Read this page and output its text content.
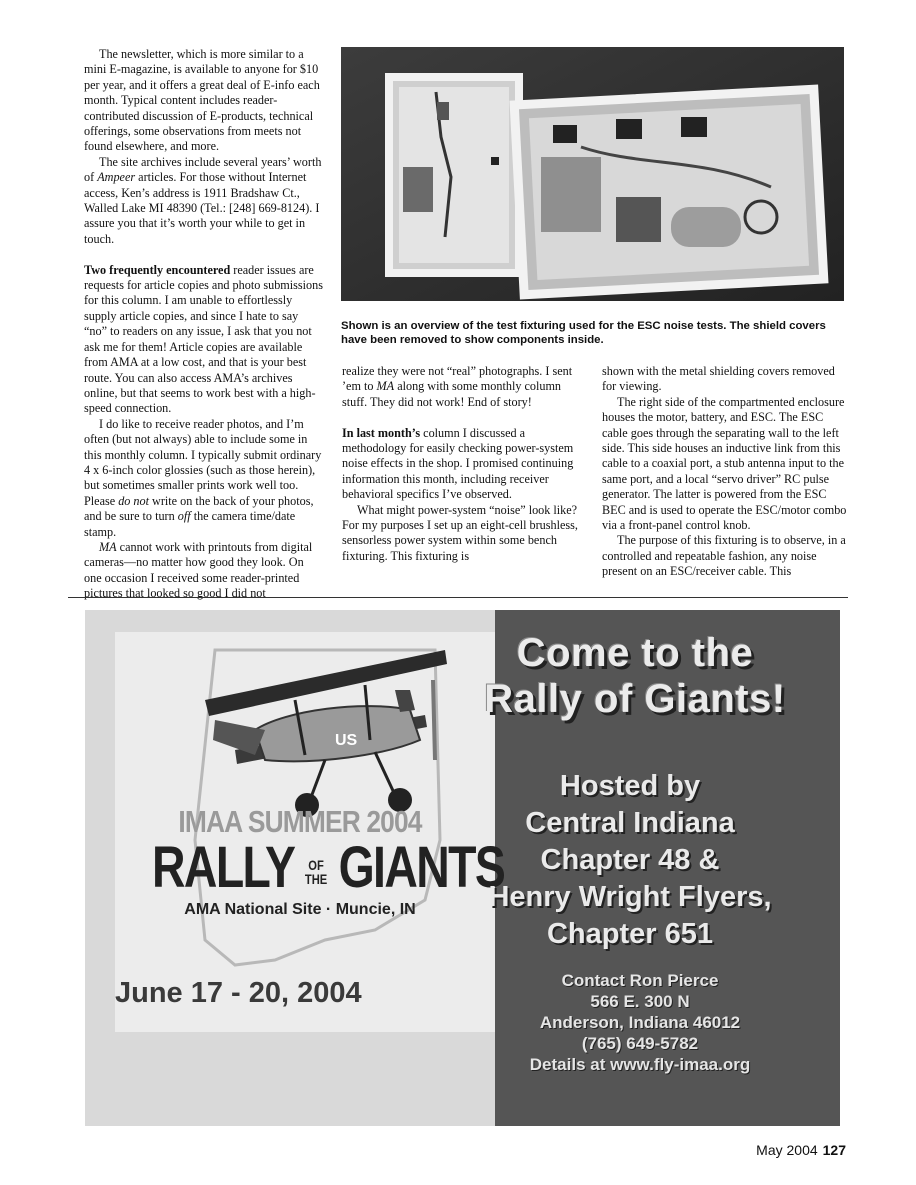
The newsletter, which is more similar to a mini E-magazine, is available to anyone for $10 per year, and it offers a great deal of E-info each month. Typical content includes reader-contributed discussion of E-products, technical offerings, some observations from meets not found elsewhere, and more.

The site archives include several years’ worth of Ampeer articles. For those without Internet access, Ken’s address is 1911 Bradshaw Ct., Walled Lake MI 48390 (Tel.: [248] 669-8124). I assure you that it’s worth your while to get in touch.

Two frequently encountered reader issues are requests for article copies and photo submissions for this column. I am unable to effortlessly supply article copies, and since I hate to say “no” to readers on any issue, I ask that you not ask me for them! Article copies are available from AMA at a low cost, and that is your best route. You can also access AMA’s archives online, but that seems to work best with a high-speed connection.

I do like to receive reader photos, and I’m often (but not always) able to include some in this monthly column. I typically submit ordinary 4 x 6-inch color glossies (such as those herein), but sometimes smaller prints work well too. Please do not write on the back of your photos, and be sure to turn off the camera time/date stamp.

MA cannot work with printouts from digital cameras—no matter how good they look. On one occasion I received some reader-printed pictures that looked so good I did not

Shown is an overview of the test fixturing used for the ESC noise tests. The shield covers have been removed to show components inside.

realize they were not “real” photographs. I sent ’em to MA along with some monthly column stuff. They did not work! End of story!

In last month’s column I discussed a methodology for easily checking power-system noise effects in the shop. I promised continuing information this month, including receiver behavioral specifics I’ve observed.

What might power-system “noise” look like? For my purposes I set up an eight-cell brushless, sensorless power system within some bench fixturing. This fixturing is

shown with the metal shielding covers removed for viewing.

The right side of the compartmented enclosure houses the motor, battery, and ESC. The ESC cable goes through the separating wall to the left side. This side houses an inductive link from this cable to a coaxial port, a stub antenna input to the same port, and a local “servo driver” RC pulse generator. The latter is powered from the ESC BEC and is used to operate the ESC/motor combo via a front-panel control knob.

The purpose of this fixturing is to observe, in a controlled and repeatable fashion, any noise present on an ESC/receiver cable. This

US
IMAA SUMMER 2004
RALLY OF
THE GIANTS
AMA National Site · Muncie, IN
June 17 - 20, 2004
Come to the
Rally of Giants!
Hosted by
Central Indiana
Chapter 48 &
Henry Wright Flyers,
Chapter 651
Contact Ron Pierce
566 E. 300 N
Anderson, Indiana 46012
(765) 649-5782
Details at www.fly-imaa.org
May 2004 127
